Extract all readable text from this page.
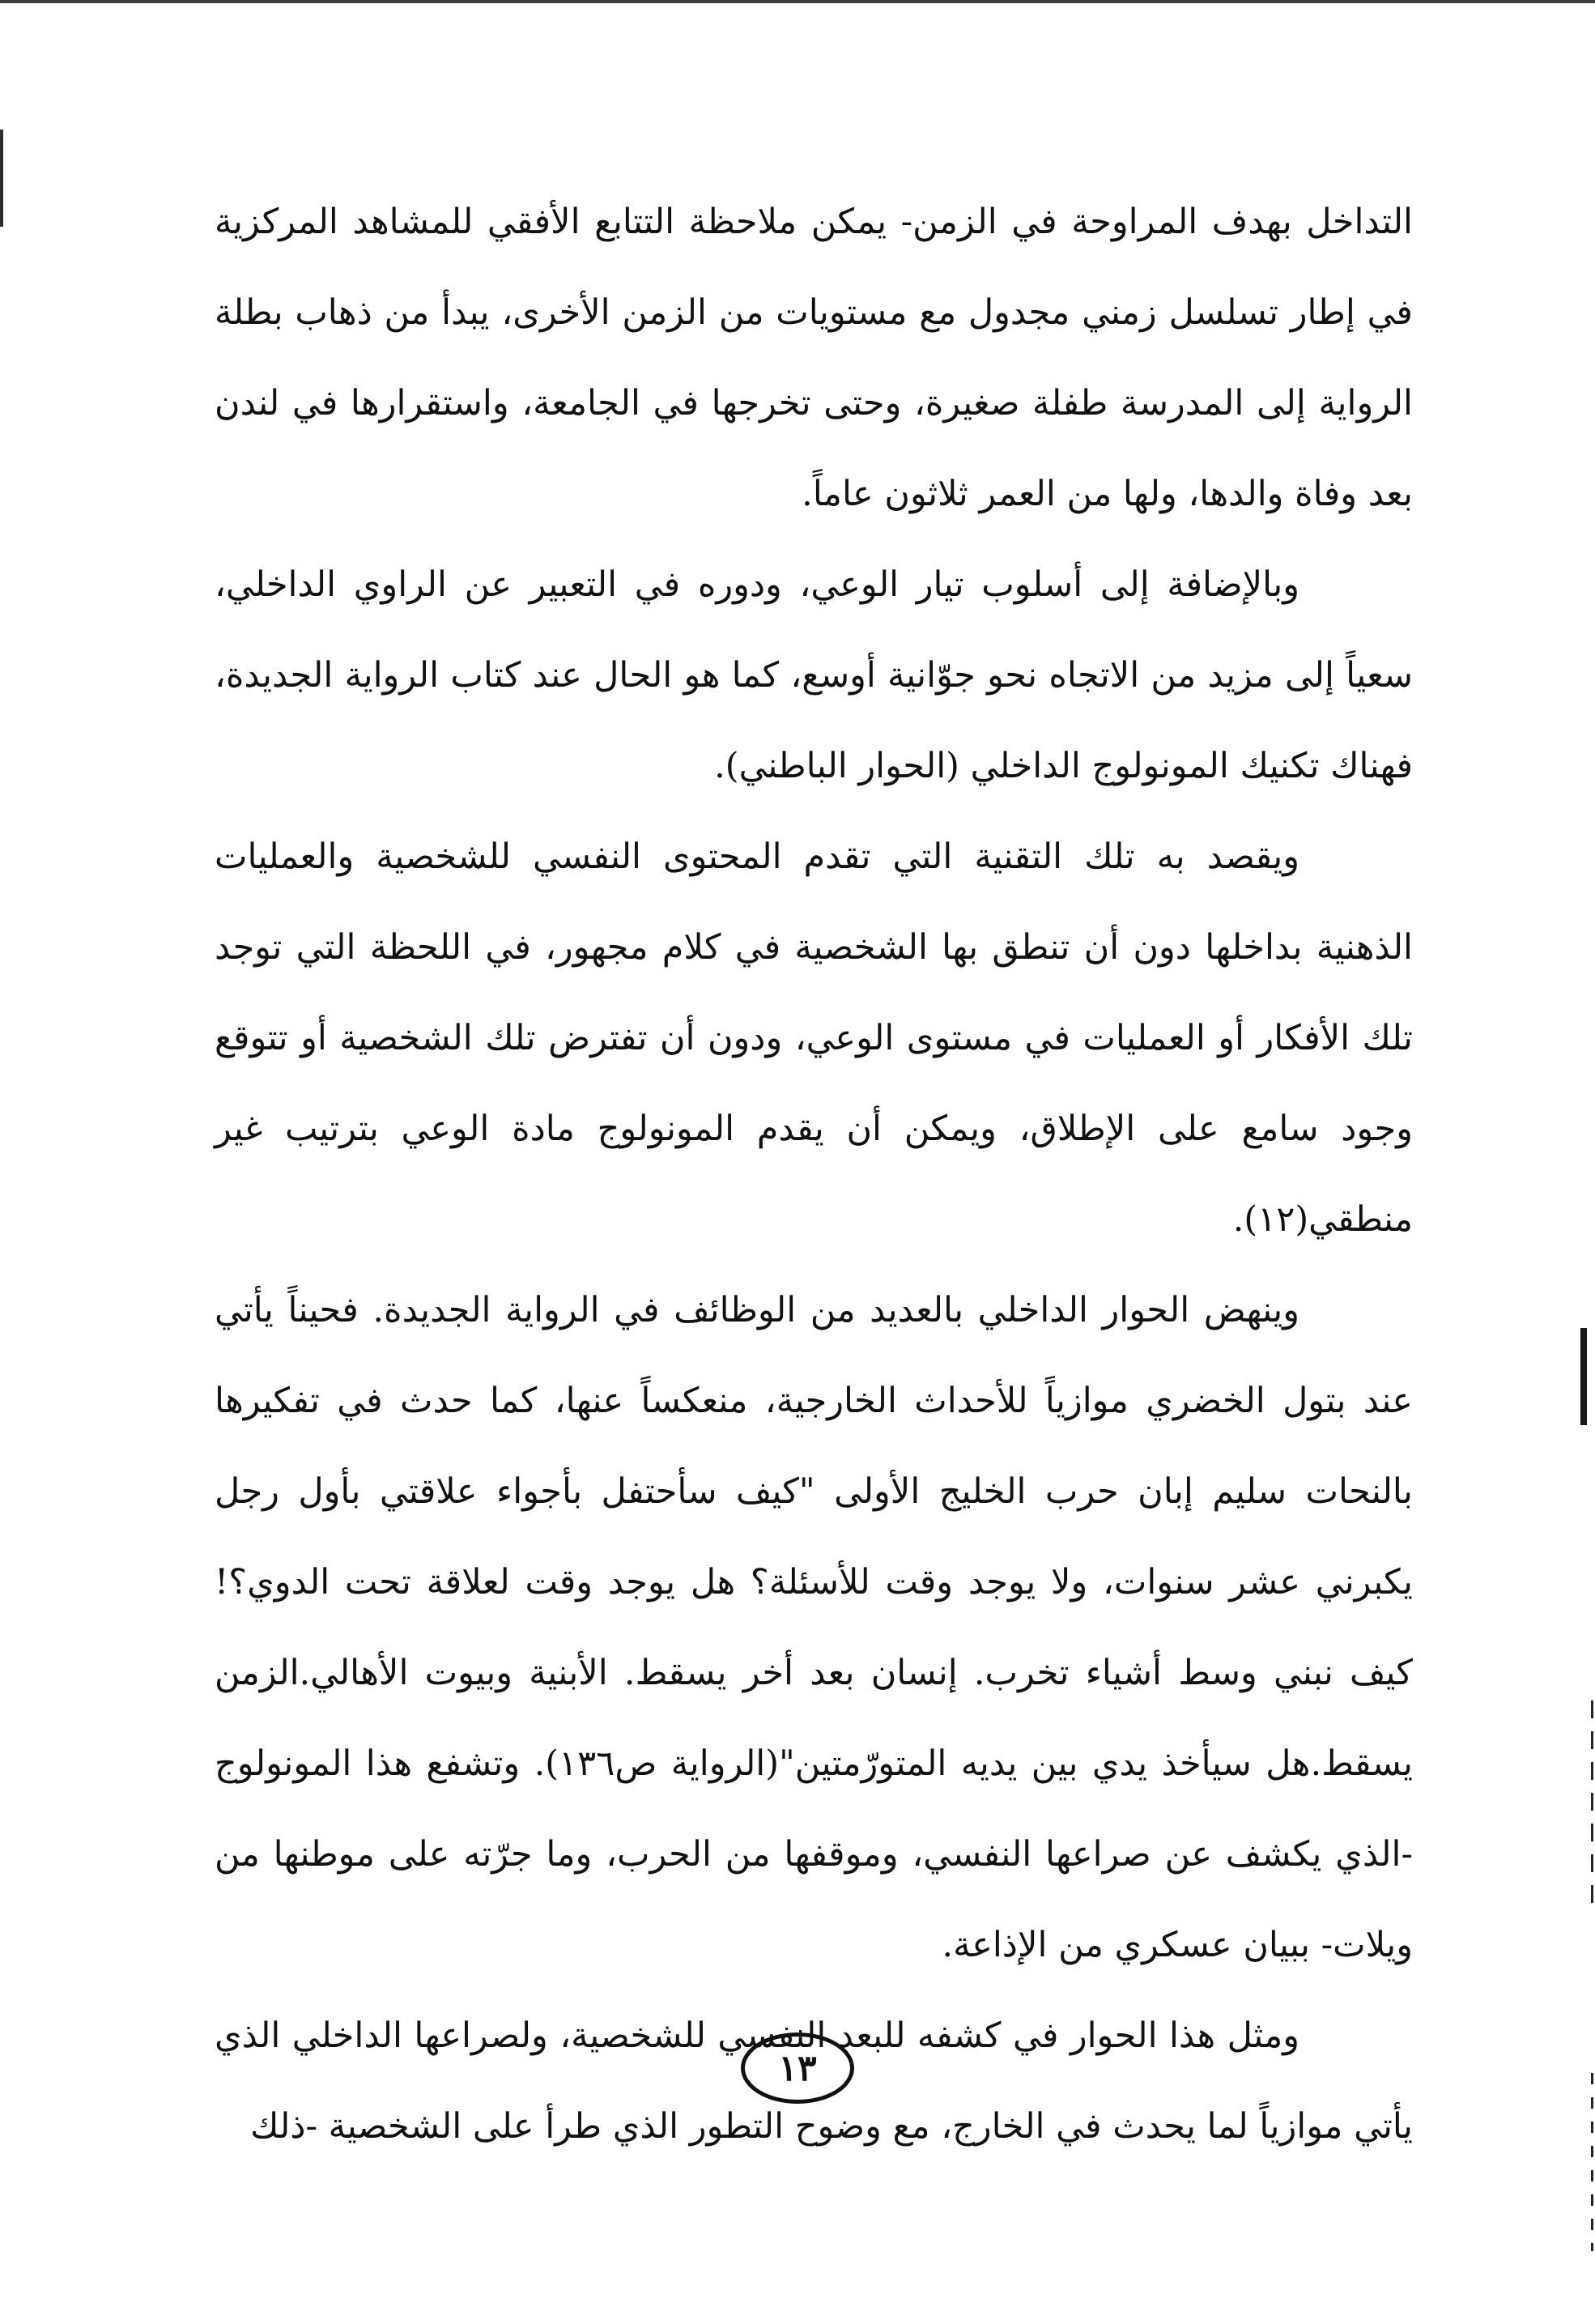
التداخل بهدف المراوحة في الزمن- يمكن ملاحظة التتابع الأفقي للمشاهد المركزية في إطار تسلسل زمني مجدول مع مستويات من الزمن الأخرى، يبدأ من ذهاب بطلة الرواية إلى المدرسة طفلة صغيرة، وحتى تخرجها في الجامعة، واستقرارها في لندن بعد وفاة والدها، ولها من العمر ثلاثون عاماً.

وبالإضافة إلى أسلوب تيار الوعي، ودوره في التعبير عن الراوي الداخلي، سعياً إلى مزيد من الاتجاه نحو جوّانية أوسع، كما هو الحال عند كتاب الرواية الجديدة، فهناك تكنيك المونولوج الداخلي (الحوار الباطني).

ويقصد به تلك التقنية التي تقدم المحتوى النفسي للشخصية والعمليات الذهنية بداخلها دون أن تنطق بها الشخصية في كلام مجهور، في اللحظة التي توجد تلك الأفكار أو العمليات في مستوى الوعي، ودون أن تفترض تلك الشخصية أو تتوقع وجود سامع على الإطلاق، ويمكن أن يقدم المونولوج مادة الوعي بترتيب غير منطقي(١٢).

وينهض الحوار الداخلي بالعديد من الوظائف في الرواية الجديدة. فحيناً يأتي عند بتول الخضري موازياً للأحداث الخارجية، منعكساً عنها، كما حدث في تفكيرها بالنحات سليم إبان حرب الخليج الأولى "كيف سأحتفل بأجواء علاقتي بأول رجل يكبرني عشر سنوات، ولا يوجد وقت للأسئلة؟ هل يوجد وقت لعلاقة تحت الدوي؟! كيف نبني وسط أشياء تخرب. إنسان بعد أخر يسقط. الأبنية وبيوت الأهالي.الزمن يسقط.هل سيأخذ يدي بين يديه المتورّمتين"(الرواية ص١٣٦). وتشفع هذا المونولوج -الذي يكشف عن صراعها النفسي، وموقفها من الحرب، وما جرّته على موطنها من ويلات- ببيان عسكري من الإذاعة.

ومثل هذا الحوار في كشفه للبعد النفسي للشخصية، ولصراعها الداخلي الذي يأتي موازياً لما يحدث في الخارج، مع وضوح التطور الذي طرأ على الشخصية -ذلك

١٣
